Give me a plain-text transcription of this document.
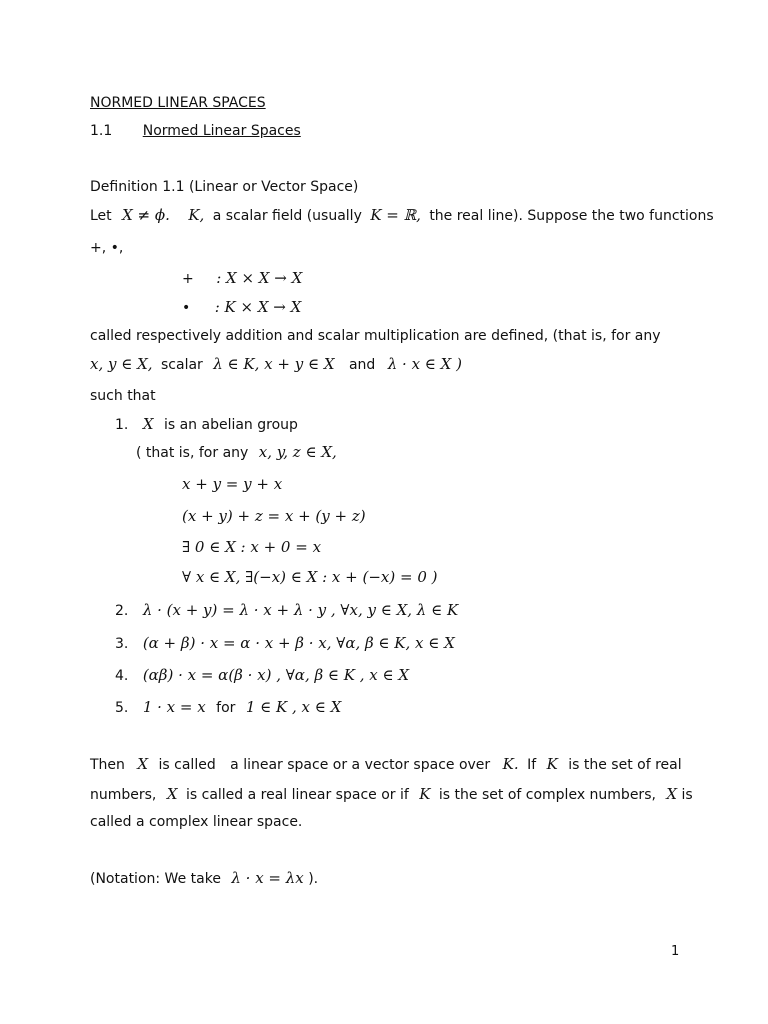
NORMED LINEAR SPACES
1.1 Normed Linear Spaces
Definition 1.1 (Linear or Vector Space)
Let X ≠ ϕ. K, a scalar field (usually K = ℝ, the real line). Suppose the two functions
+, •,
+ : X × X → X
• : K × X → X
called respectively addition and scalar multiplication are defined, (that is, for any
x, y ∈ X, scalar λ ∈ K, x + y ∈ X and λ · x ∈ X )
such that
1. X is an abelian group
( that is, for any x, y, z ∈ X,
x + y = y + x
(x + y) + z = x + (y + z)
∃ 0 ∈ X : x + 0 = x
∀ x ∈ X, ∃(−x) ∈ X : x + (−x) = 0 )
2. λ · (x + y) = λ · x + λ · y , ∀x, y ∈ X, λ ∈ K
3. (α + β) · x = α · x + β · x, ∀α, β ∈ K, x ∈ X
4. (αβ) · x = α(β · x) , ∀α, β ∈ K , x ∈ X
5. 1 · x = x for 1 ∈ K , x ∈ X
Then X is called a linear space or a vector space over K. If K is the set of real
numbers, X is called a real linear space or if K is the set of complex numbers, X is
called a complex linear space.
(Notation: We take λ · x = λx ).
1
